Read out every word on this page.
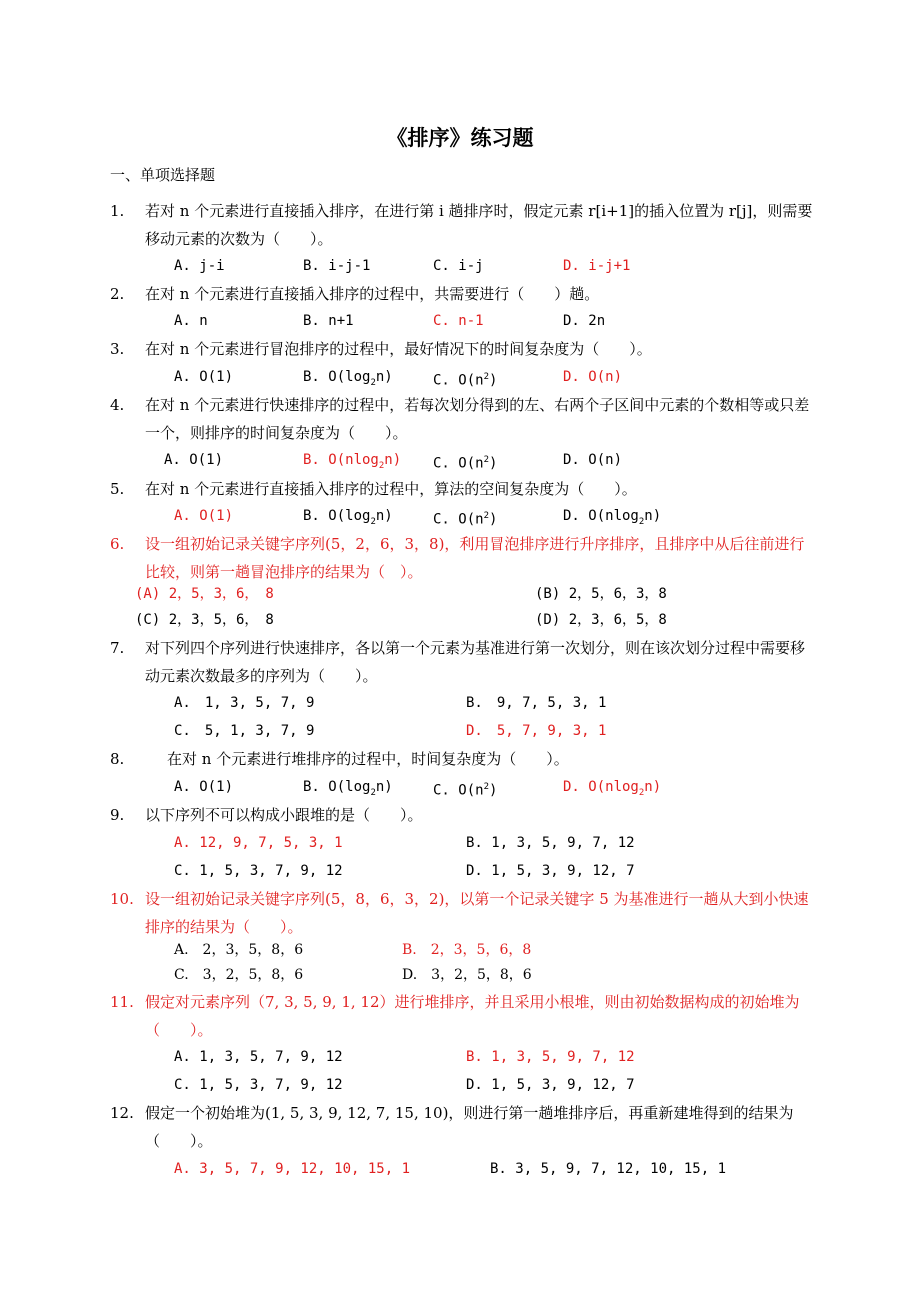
《排序》练习题
一、单项选择题
1.	若对 n 个元素进行直接插入排序，在进行第 i 趟排序时，假定元素 r[i+1]的插入位置为 r[j]，则需要移动元素的次数为（　　）。
A. j-i	B. i-j-1	C. i-j	D. i-j+1
2.	在对 n 个元素进行直接插入排序的过程中，共需要进行（　　）趟。
A. n	B. n+1	C. n-1	D. 2n
3.	在对 n 个元素进行冒泡排序的过程中，最好情况下的时间复杂度为（　　）。
A. O(1)	B. $O(\log_2n)$	C. $O(n^2)$	D. O(n)
4.	在对 n 个元素进行快速排序的过程中，若每次划分得到的左、右两个子区间中元素的个数相等或只差一个，则排序的时间复杂度为（　　）。
A. O(1)	B. O(nlog$_2$n) C. $O(n^2)$	D. O(n)
5.	在对 n 个元素进行直接插入排序的过程中，算法的空间复杂度为（　　）。
A. O(1)	B. $O(\log_2n)$	C. $O(n^2)$	D. O(nlog$_2$n)
6.	设一组初始记录关键字序列(5，2，6，3，8)，利用冒泡排序进行升序排序，且排序中从后往前进行比较，则第一趟冒泡排序的结果为（　）。
(A) 2，5，3，6，　8	(B) 2，5，6，3，8
(C) 2，3，5，6，　8	(D) 2，3，6，5，8
7.	对下列四个序列进行快速排序，各以第一个元素为基准进行第一次划分，则在该次划分过程中需要移动元素次数最多的序列为（　　）。
A.　1, 3, 5, 7, 9	B.　9, 7, 5, 3, 1
C.　5, 1, 3, 7, 9	D.　5, 7, 9, 3, 1
8.	在对 n 个元素进行堆排序的过程中，时间复杂度为（　　）。
A. O(1)	B. $O(\log_2n)$	C. $O(n^2)$	D. O(nlog$_2$n)
9.	以下序列不可以构成小跟堆的是（　　）。
A. 12, 9, 7, 5, 3, 1	B. 1, 3, 5, 9, 7, 12
C. 1, 5, 3, 7, 9, 12	D. 1, 5, 3, 9, 12, 7
10. 设一组初始记录关键字序列(5，8，6，3，2)，以第一个记录关键字 5 为基准进行一趟从大到小快速排序的结果为（　　）。
A.　2，3，5，8，6	B.　2，3，5，6，8
C.　3，2，5，8，6	D.　3，2，5，8，6
11. 假定对元素序列（7, 3, 5, 9, 1, 12）进行堆排序，并且采用小根堆，则由初始数据构成的初始堆为（　　）。
A. 1, 3, 5, 7, 9, 12	B. 1, 3, 5, 9, 7, 12
C. 1, 5, 3, 7, 9, 12	D. 1, 5, 3, 9, 12, 7
12. 假定一个初始堆为(1, 5, 3, 9, 12, 7, 15, 10)，则进行第一趟堆排序后，再重新建堆得到的结果为（　　）。
A. 3, 5, 7, 9, 12, 10, 15, 1	B. 3, 5, 9, 7, 12, 10, 15, 1
